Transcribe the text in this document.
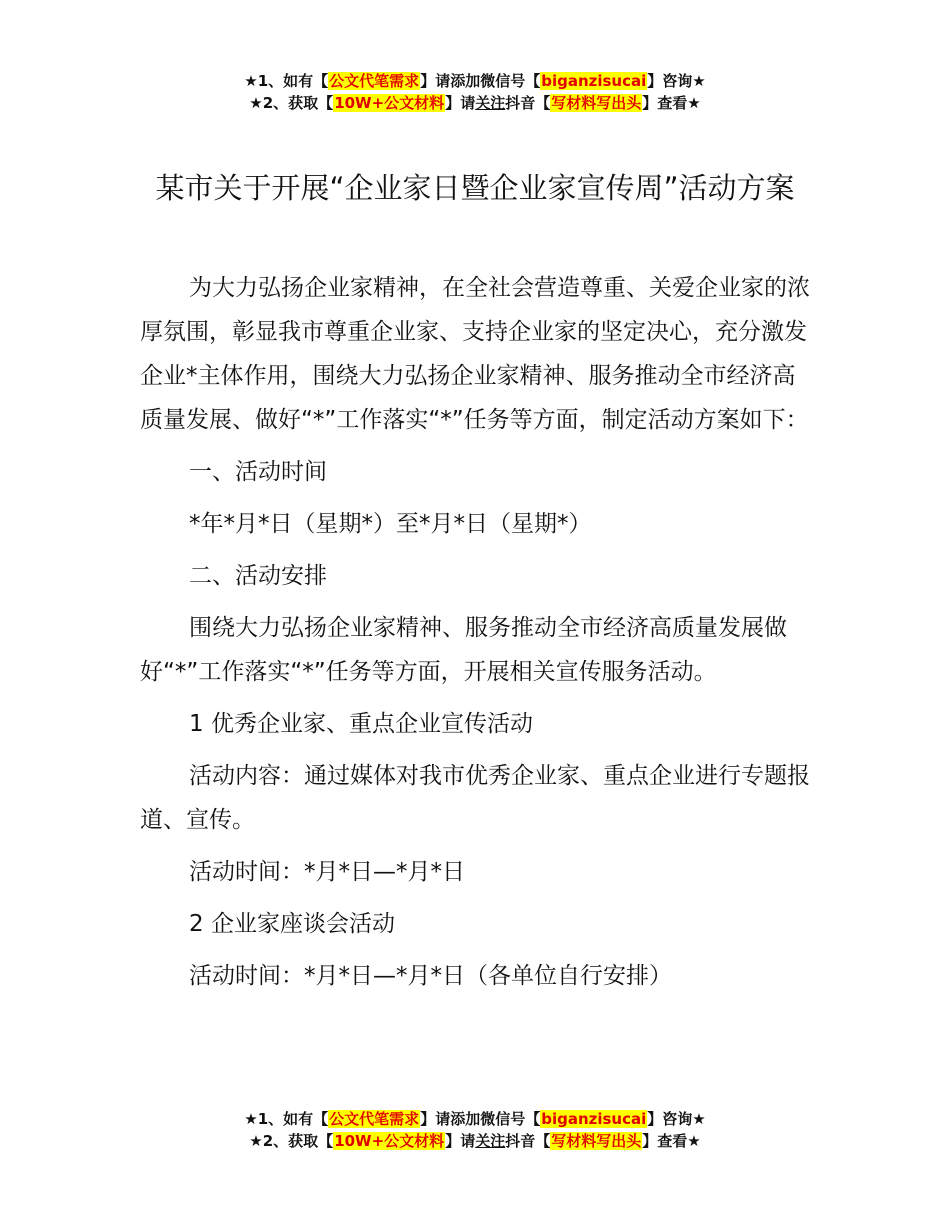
★1、如有【公文代笔需求】请添加微信号【biganzisucai】咨询★
★2、获取【10W+公文材料】请关注抖音【写材料写出头】查看★
某市关于开展“企业家日暨企业家宣传周”活动方案

为大力弘扬企业家精神，在全社会营造尊重、关爱企业家的浓厚氛围，彰显我市尊重企业家、支持企业家的坚定决心，充分激发企业*主体作用，围绕大力弘扬企业家精神、服务推动全市经济高质量发展、做好“*”工作落实“*”任务等方面，制定活动方案如下：

一、活动时间

*年*月*日（星期*）至*月*日（星期*）

二、活动安排

围绕大力弘扬企业家精神、服务推动全市经济高质量发展做好“*”工作落实“*”任务等方面，开展相关宣传服务活动。

1 优秀企业家、重点企业宣传活动

活动内容：通过媒体对我市优秀企业家、重点企业进行专题报道、宣传。

活动时间：*月*日—*月*日

2 企业家座谈会活动

活动时间：*月*日—*月*日（各单位自行安排）

★1、如有【公文代笔需求】请添加微信号【biganzisucai】咨询★
★2、获取【10W+公文材料】请关注抖音【写材料写出头】查看★
